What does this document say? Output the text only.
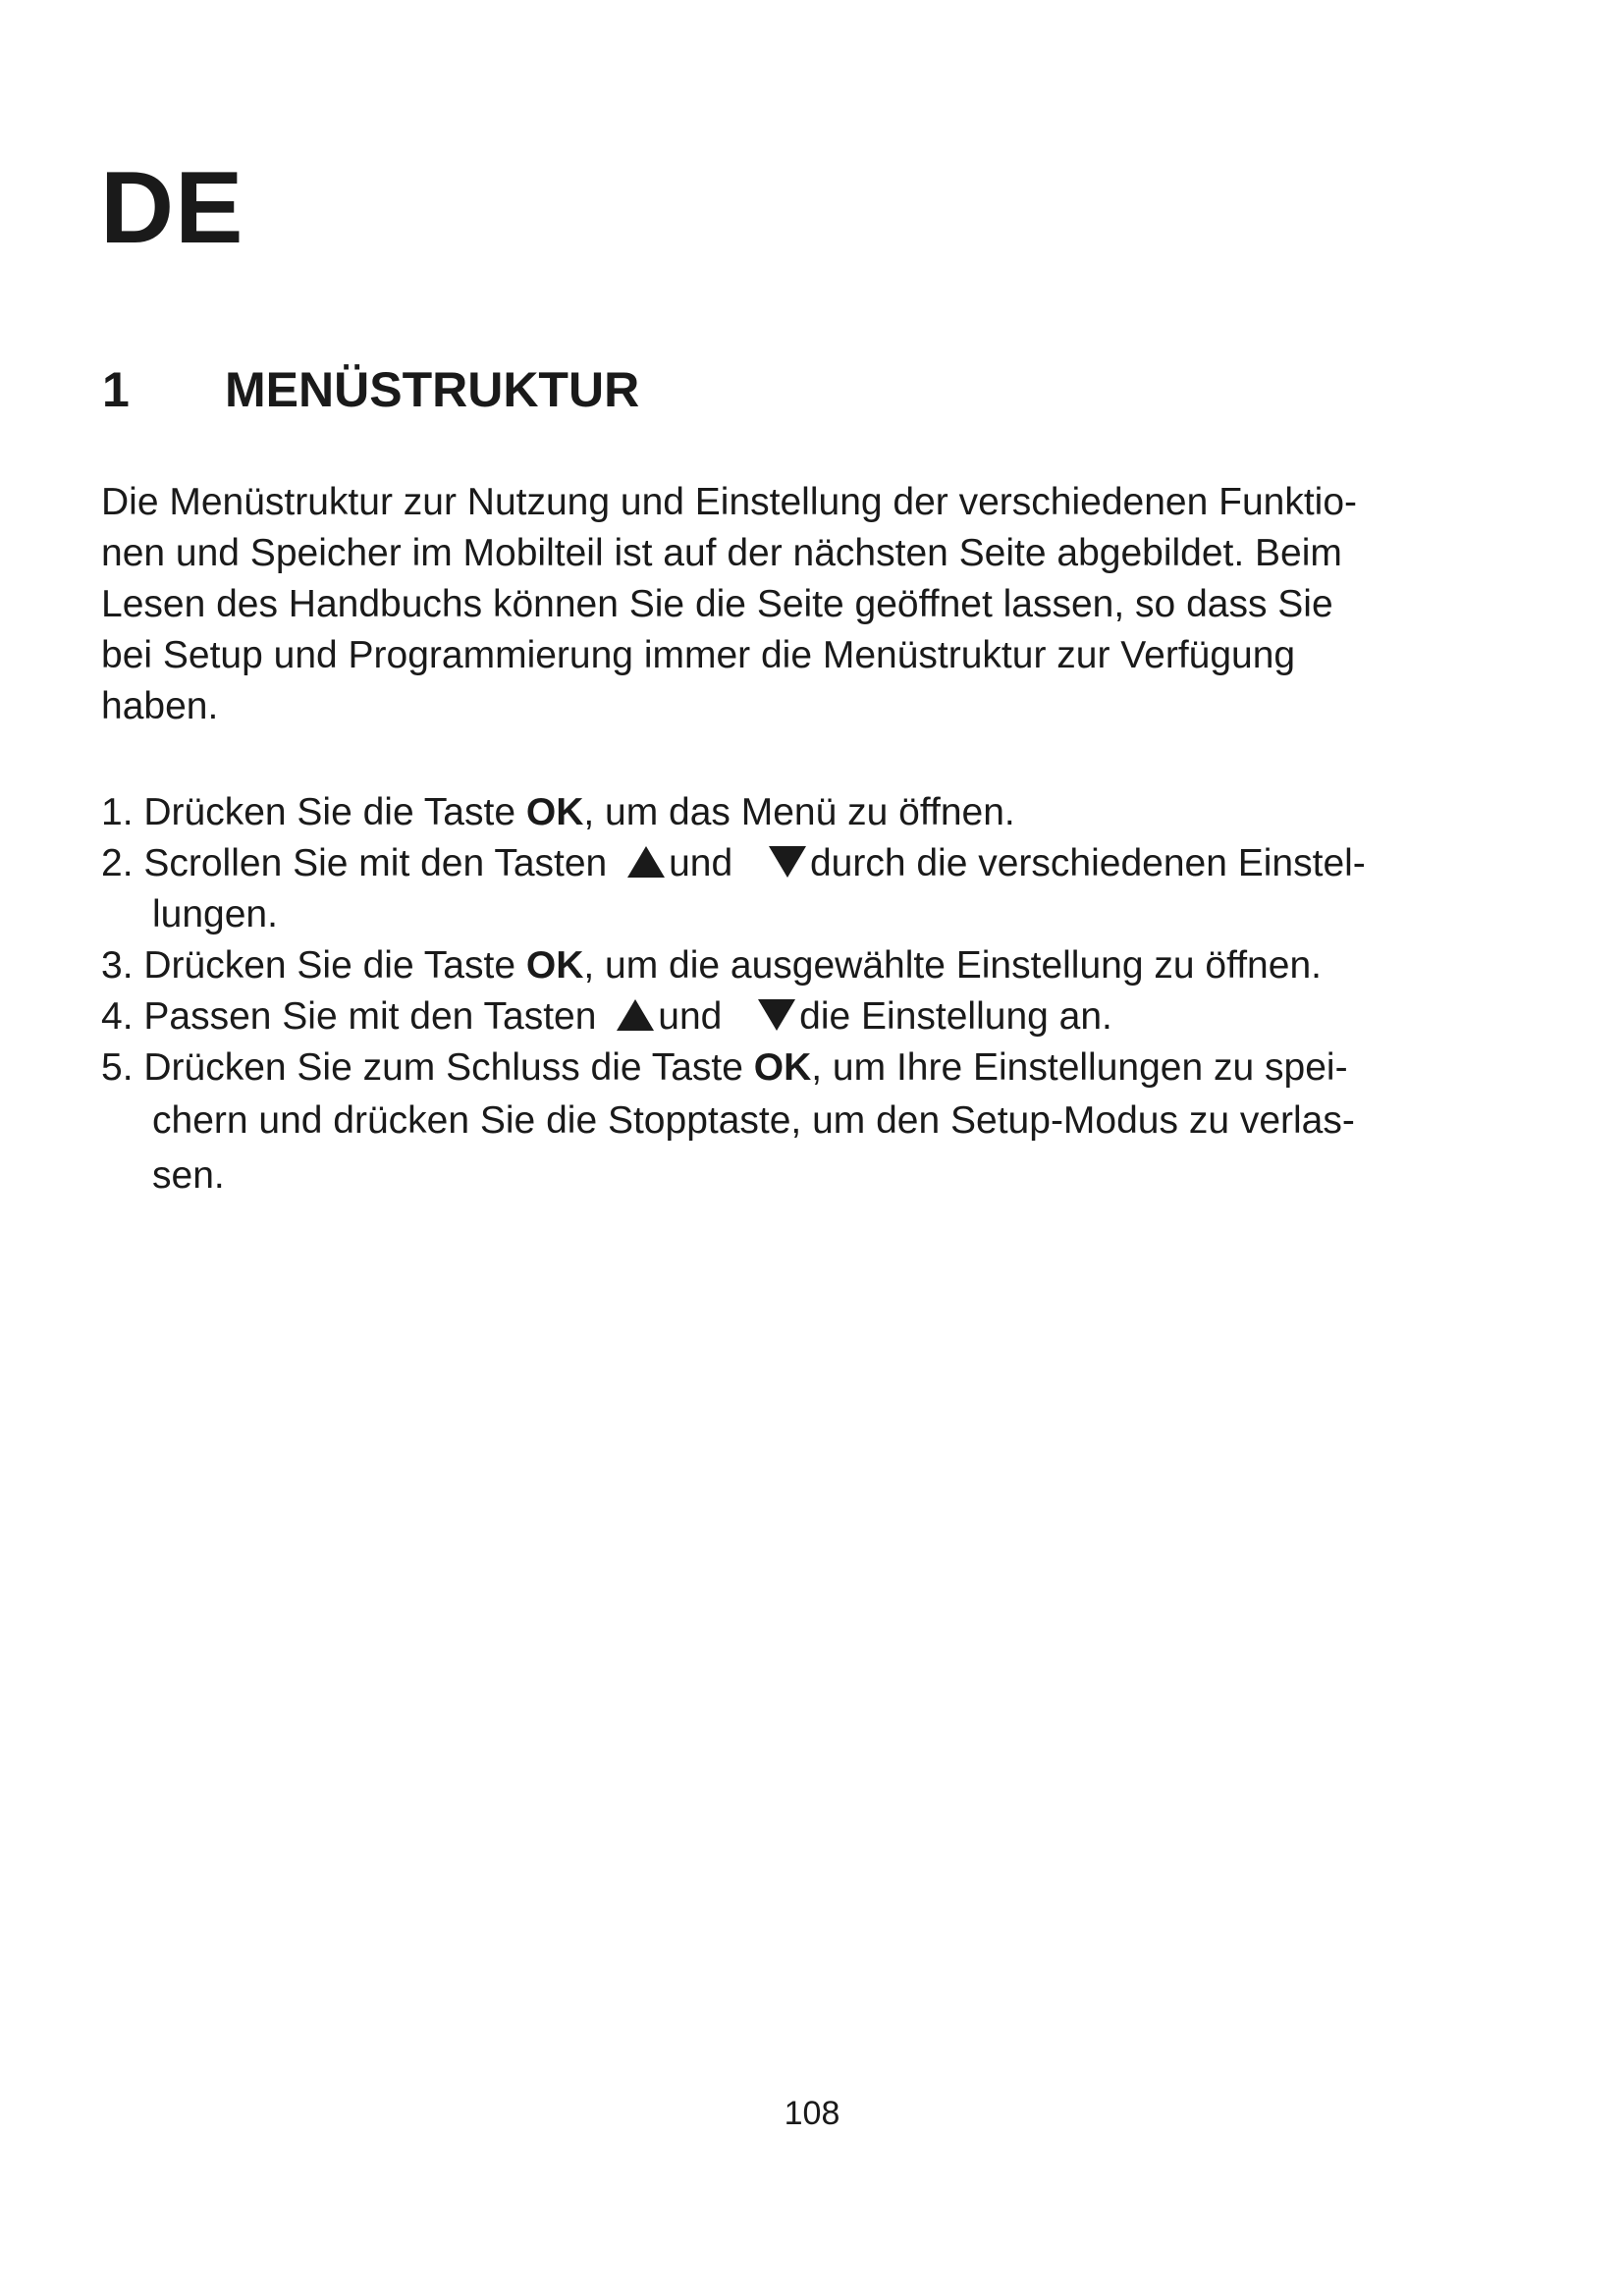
DE
1 MENÜSTRUKTUR
Die Menüstruktur zur Nutzung und Einstellung der verschiedenen Funktio-
nen und Speicher im Mobilteil ist auf der nächsten Seite abgebildet. Beim
Lesen des Handbuchs können Sie die Seite geöffnet lassen, so dass Sie
bei Setup und Programmierung immer die Menüstruktur zur Verfügung
haben.
1. Drücken Sie die Taste OK, um das Menü zu öffnen.
2. Scrollen Sie mit den Tasten und durch die verschiedenen Einstel-
lungen.
3. Drücken Sie die Taste OK, um die ausgewählte Einstellung zu öffnen.
4. Passen Sie mit den Tasten und die Einstellung an.
5. Drücken Sie zum Schluss die Taste OK, um Ihre Einstellungen zu spei-
chern und drücken Sie die Stopptaste, um den Setup-Modus zu verlas-
sen.

108
